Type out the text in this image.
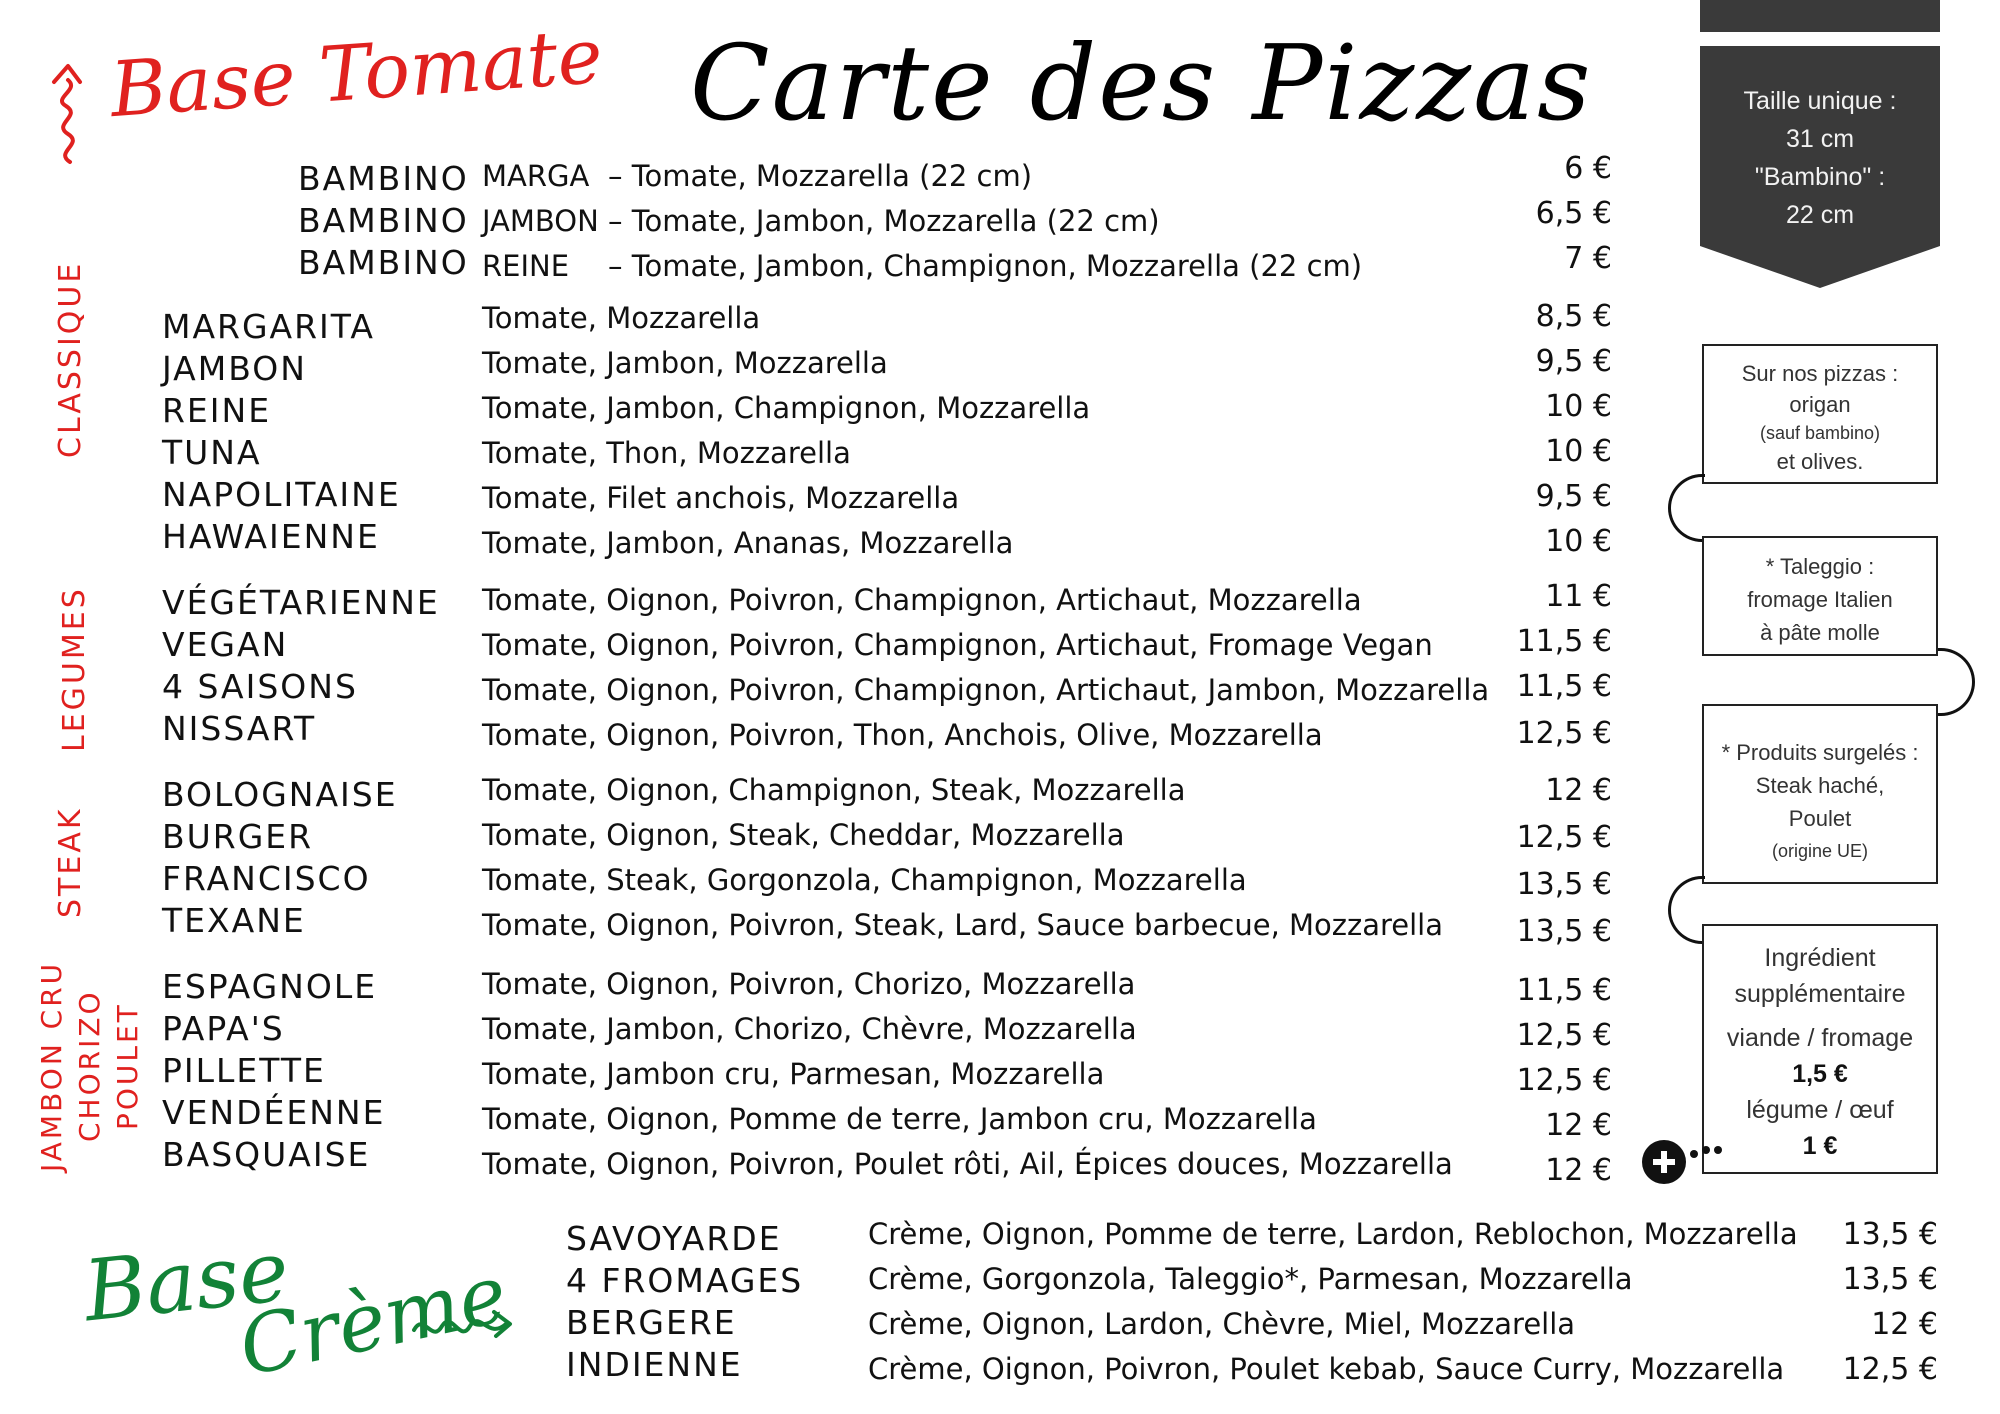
Carte des Pizzas
Base Tomate
CLASSIQUE
LEGUMES
STEAK
JAMBON CRU CHORIZO POULET
BAMBINO MARGA – Tomate, Mozzarella (22 cm)	6 €
BAMBINO JAMBON – Tomate, Jambon, Mozzarella (22 cm)	6,5 €
BAMBINO REINE – Tomate, Jambon, Champignon, Mozzarella (22 cm)	7 €
MARGARITA	Tomate, Mozzarella	8,5 €
JAMBON	Tomate, Jambon, Mozzarella	9,5 €
REINE	Tomate, Jambon, Champignon, Mozzarella	10 €
TUNA	Tomate, Thon, Mozzarella	10 €
NAPOLITAINE	Tomate, Filet anchois, Mozzarella	9,5 €
HAWAIENNE	Tomate, Jambon, Ananas, Mozzarella	10 €
VÉGÉTARIENNE Tomate, Oignon, Poivron, Champignon, Artichaut, Mozzarella	11 €
VEGAN	Tomate, Oignon, Poivron, Champignon, Artichaut, Fromage Vegan	11,5 €
4 SAISONS	Tomate, Oignon, Poivron, Champignon, Artichaut, Jambon, Mozzarella 11,5 €
NISSART	Tomate, Oignon, Poivron, Thon, Anchois, Olive, Mozzarella	12,5 €
BOLOGNAISE	Tomate, Oignon, Champignon, Steak, Mozzarella	12 €
BURGER	Tomate, Oignon, Steak, Cheddar, Mozzarella	12,5 €
FRANCISCO	Tomate, Steak, Gorgonzola, Champignon, Mozzarella	13,5 €
TEXANE	Tomate, Oignon, Poivron, Steak, Lard, Sauce barbecue, Mozzarella	13,5 €
ESPAGNOLE	Tomate, Oignon, Poivron, Chorizo, Mozzarella	11,5 €
PAPA'S	Tomate, Jambon, Chorizo, Chèvre, Mozzarella	12,5 €
PILLETTE	Tomate, Jambon cru, Parmesan, Mozzarella	12,5 €
VENDÉENNE	Tomate, Oignon, Pomme de terre, Jambon cru, Mozzarella	12 €
BASQUAISE	Tomate, Oignon, Poivron, Poulet rôti, Ail, Épices douces, Mozzarella	12 €
Base
Crème
SAVOYARDE	Crème, Oignon, Pomme de terre, Lardon, Reblochon, Mozzarella	13,5 €
4 FROMAGES Crème, Gorgonzola, Taleggio*, Parmesan, Mozzarella	13,5 €
BERGERE	Crème, Oignon, Lardon, Chèvre, Miel, Mozzarella	12 €
INDIENNE	Crème, Oignon, Poivron, Poulet kebab, Sauce Curry, Mozzarella	12,5 €
Taille unique :
31 cm
"Bambino" :
22 cm
Sur nos pizzas :
origan
(sauf bambino)
et olives.
* Taleggio :
fromage Italien
à pâte molle
* Produits surgelés :
Steak haché,
Poulet
(origine UE)
Ingrédient
supplémentaire
viande / fromage
1,5 €
légume / œuf
1 €
